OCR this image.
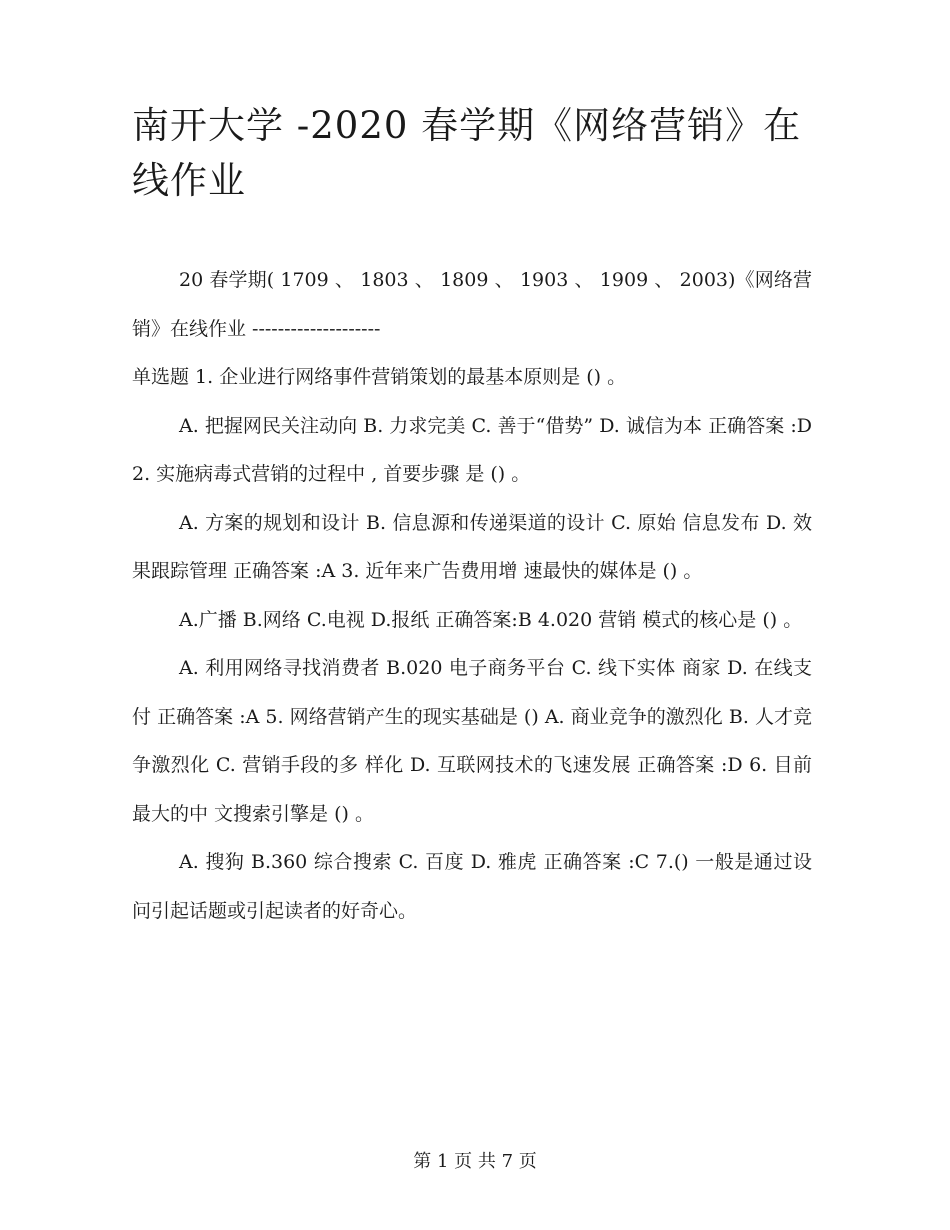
南开大学 -2020 春学期《网络营销》在线作业

20 春学期( 1709 、 1803 、 1809 、 1903 、 1909 、 2003)《网络营销》在线作业 --------------------

单选题 1. 企业进行网络事件营销策划的最基本原则是 () 。

A. 把握网民关注动向 B. 力求完美 C. 善于“借势” D. 诚信为本 正确答案 :D 2. 实施病毒式营销的过程中 , 首要步骤 是 () 。

A. 方案的规划和设计 B. 信息源和传递渠道的设计 C. 原始 信息发布 D. 效果跟踪管理 正确答案 :A 3. 近年来广告费用增 速最快的媒体是 () 。

A.广播 B.网络 C.电视 D.报纸 正确答案:B 4.020 营销 模式的核心是 () 。

A. 利用网络寻找消费者 B.020 电子商务平台 C. 线下实体 商家 D. 在线支付 正确答案 :A 5. 网络营销产生的现实基础是 () A. 商业竞争的激烈化 B. 人才竞争激烈化 C. 营销手段的多 样化 D. 互联网技术的飞速发展 正确答案 :D 6. 目前最大的中 文搜索引擎是 () 。

A. 搜狗 B.360 综合搜索 C. 百度 D. 雅虎 正确答案 :C 7.() 一般是通过设问引起话题或引起读者的好奇心。

第 1 页 共 7 页
